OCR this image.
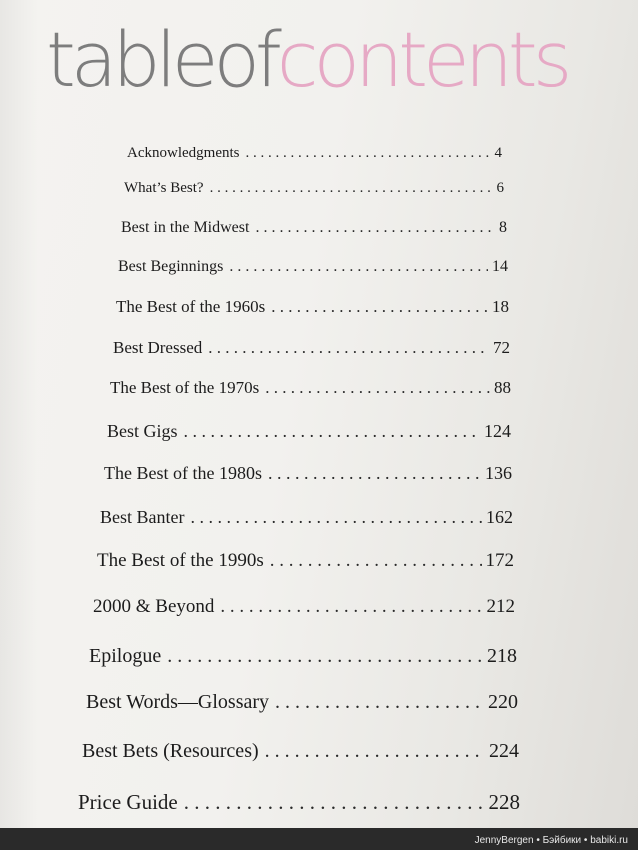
tableofcontents
Acknowledgments . . .	4
What’s Best? . . .	6
Best in the Midwest . . .	8
Best Beginnings . . .	14
The Best of the 1960s . . .	18
Best Dressed . . .	72
The Best of the 1970s . . .	88
Best Gigs . . .	124
The Best of the 1980s . . .	136
Best Banter . . .	162
The Best of the 1990s . . .	172
2000 & Beyond . . .	212
Epilogue . . .	218
Best Words—Glossary . . .	220
Best Bets (Resources) . . .	224
Price Guide . . .	228
JennyBergen • Бэйбики • babiki.ru
